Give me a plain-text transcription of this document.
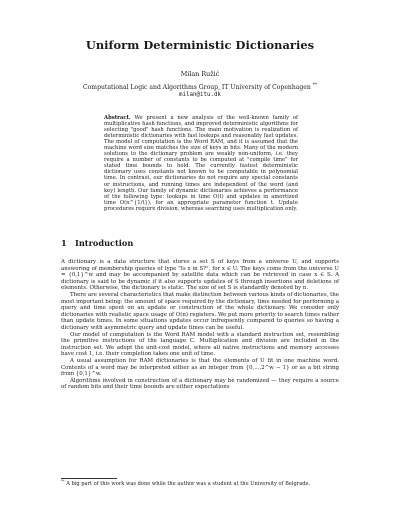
Uniform Deterministic Dictionaries
Milan Ružić
Computational Logic and Algorithms Group, IT University of Copenhagen **
milan@itu.dk
Abstract. We present a new analysis of the well-known family of multiplicative hash functions, and improved deterministic algorithms for selecting "good" hash functions. The main motivation is realization of deterministic dictionaries with fast lookups and reasonably fast updates. The model of computation is the Word RAM, and it is assumed that the machine word size matches the size of keys in bits. Many of the modern solutions to the dictionary problem are weakly non-uniform, i.e. they require a number of constants to be computed at "compile time" for stated time bounds to hold. The currently fastest deterministic dictionary uses constants not known to be computable in polynomial time. In contrast, our dictionaries do not require any special constants or instructions, and running times are independent of the word (and key) length. Our family of dynamic dictionaries achieves a performance of the following type: lookups in time O(t) and updates in amortized time O(n^{1/t}), for an appropriate parameter function t. Update procedures require division, whereas searching uses multiplication only.
1 Introduction

A dictionary is a data structure that stores a set S of keys from a universe U, and supports answering of membership queries of type "Is x in S?", for x ∈ U. The keys come from the universe U = {0,1}^w and may be accompanied by satellite data which can be retrieved in case x ∈ S. A dictionary is said to be dynamic if it also supports updates of S through insertions and deletions of elements. Otherwise, the dictionary is static. The size of set S is standardly denoted by n.

There are several characteristics that make distinction between various kinds of dictionaries, the most important being: the amount of space required by the dictionary, time needed for performing a query and time spent on an update or construction of the whole dictionary. We consider only dictionaries with realistic space usage of O(n) registers. We put more priority to search times rather than update times. In some situations updates occur infrequently compared to queries so having a dictionary with asymmetric query and update times can be useful.

Our model of computation is the Word RAM model with a standard instruction set, resembling the primitive instructions of the language C. Multiplication and division are included in the instruction set. We adopt the unit-cost model, where all native instructions and memory accesses have cost 1, i.e. their completion takes one unit of time.

A usual assumption for RAM dictionaries is that the elements of U fit in one machine word. Contents of a word may be interpreted either as an integer from {0,...,2^w − 1} or as a bit string from {0,1}^w.

Algorithms involved in construction of a dictionary may be randomized — they require a source of random bits and their time bounds are either expectations

** A big part of this work was done while the author was a student at the University of Belgrade.
